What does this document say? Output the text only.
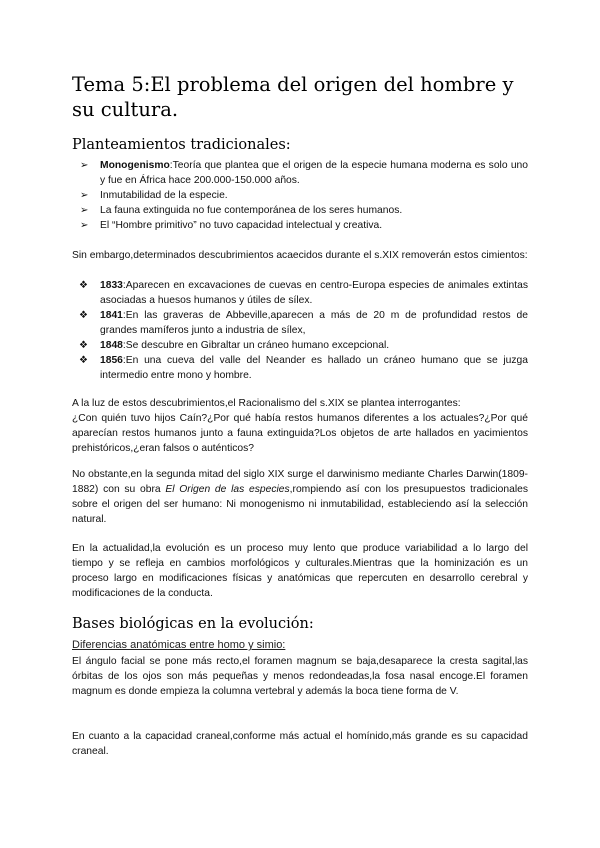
Tema 5:El problema del origen del hombre y su cultura.
Planteamientos tradicionales:
➢ Monogenismo:Teoría que plantea que el origen de la especie humana moderna es solo uno y fue en África hace 200.000-150.000 años.
➢ Inmutabilidad de la especie.
➢ La fauna extinguida no fue contemporánea de los seres humanos.
➢ El “Hombre primitivo” no tuvo capacidad intelectual y creativa.
Sin embargo,determinados descubrimientos acaecidos durante el s.XIX removerán estos cimientos:
❖ 1833:Aparecen en excavaciones de cuevas en centro-Europa especies de animales extintas asociadas a huesos humanos y útiles de sílex.
❖ 1841:En las graveras de Abbeville,aparecen a más de 20 m de profundidad restos de grandes mamíferos junto a industria de sílex,
❖ 1848:Se descubre en Gibraltar un cráneo humano excepcional.
❖ 1856:En una cueva del valle del Neander es hallado un cráneo humano que se juzga intermedio entre mono y hombre.
A la luz de estos descubrimientos,el Racionalismo del s.XIX se plantea interrogantes:
¿Con quién tuvo hijos Caín?¿Por qué había restos humanos diferentes a los actuales?¿Por qué aparecían restos humanos junto a fauna extinguida?Los objetos de arte hallados en yacimientos prehistóricos,¿eran falsos o auténticos?
No obstante,en la segunda mitad del siglo XIX surge el darwinismo mediante Charles Darwin(1809-1882) con su obra El Origen de las especies,rompiendo así con los presupuestos tradicionales sobre el origen del ser humano: Ni monogenismo ni inmutabilidad, estableciendo así la selección natural.
En la actualidad,la evolución es un proceso muy lento que produce variabilidad a lo largo del tiempo y se refleja en cambios morfológicos y culturales.Mientras que la hominización es un proceso largo en modificaciones físicas y anatómicas que repercuten en desarrollo cerebral y modificaciones de la conducta.
Bases biológicas en la evolución:
Diferencias anatómicas entre homo y simio:
El ángulo facial se pone más recto,el foramen magnum se baja,desaparece la cresta sagital,las órbitas de los ojos son más pequeñas y menos redondeadas,la fosa nasal encoge.El foramen magnum es donde empieza la columna vertebral y además la boca tiene forma de V.
En cuanto a la capacidad craneal,conforme más actual el homínido,más grande es su capacidad craneal.
